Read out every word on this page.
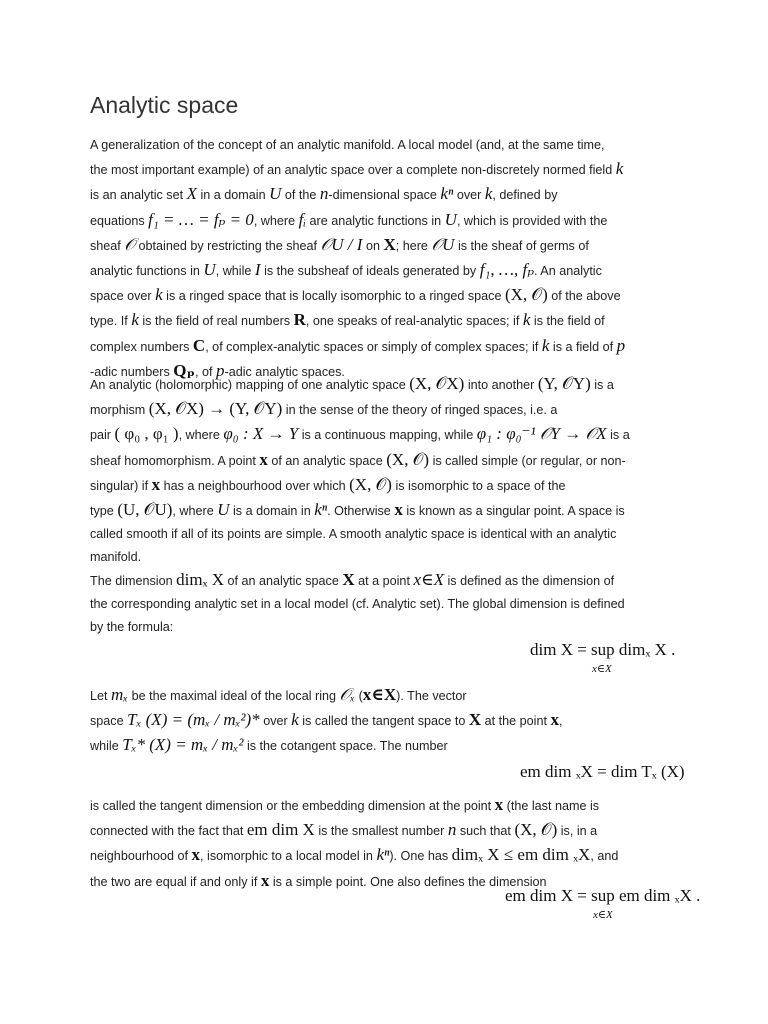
Analytic space
A generalization of the concept of an analytic manifold. A local model (and, at the same time,
the most important example) of an analytic space over a complete non-discretely normed field k
is an analytic set X in a domain U of the n-dimensional space kⁿ over k, defined by
equations f₁ = … = fₚ = 0, where fᵢ are analytic functions in U, which is provided with the
sheaf 𝒪 obtained by restricting the sheaf 𝒪U / I on X; here 𝒪U is the sheaf of germs of
analytic functions in U, while I is the subsheaf of ideals generated by f₁, …, fₚ. An analytic
space over k is a ringed space that is locally isomorphic to a ringed space (X, 𝒪) of the above
type. If k is the field of real numbers R, one speaks of real-analytic spaces; if k is the field of
complex numbers C, of complex-analytic spaces or simply of complex spaces; if k is a field of p
-adic numbers Qₚ, of p-adic analytic spaces.
An analytic (holomorphic) mapping of one analytic space (X, 𝒪X) into another (Y, 𝒪Y) is a
morphism (X, 𝒪X) → (Y, 𝒪Y) in the sense of the theory of ringed spaces, i.e. a
pair ( φ₀ , φ₁ ), where φ₀ : X → Y is a continuous mapping, while φ₁ : φ₀⁻¹ 𝒪Y → 𝒪X is a
sheaf homomorphism. A point x of an analytic space (X, 𝒪) is called simple (or regular, or non-
singular) if x has a neighbourhood over which (X, 𝒪) is isomorphic to a space of the
type (U, 𝒪U), where U is a domain in kⁿ. Otherwise x is known as a singular point. A space is
called smooth if all of its points are simple. A smooth analytic space is identical with an analytic
manifold.
The dimension dimₓ X of an analytic space X at a point x∈X is defined as the dimension of
the corresponding analytic set in a local model (cf. Analytic set). The global dimension is defined
by the formula:
dim X = sup dimₓ X .
x∈X
Let mₓ be the maximal ideal of the local ring 𝒪ₓ (x∈X). The vector
space Tₓ (X) = (mₓ / mₓ²)* over k is called the tangent space to X at the point x,
while Tₓ* (X) = mₓ / mₓ² is the cotangent space. The number
em dim ₓX = dim Tₓ (X)
is called the tangent dimension or the embedding dimension at the point x (the last name is
connected with the fact that em dim X is the smallest number n such that (X, 𝒪) is, in a
neighbourhood of x, isomorphic to a local model in kⁿ). One has dimₓ X ≤ em dim ₓX, and
the two are equal if and only if x is a simple point. One also defines the dimension
em dim X = sup em dim ₓX .
x∈X
